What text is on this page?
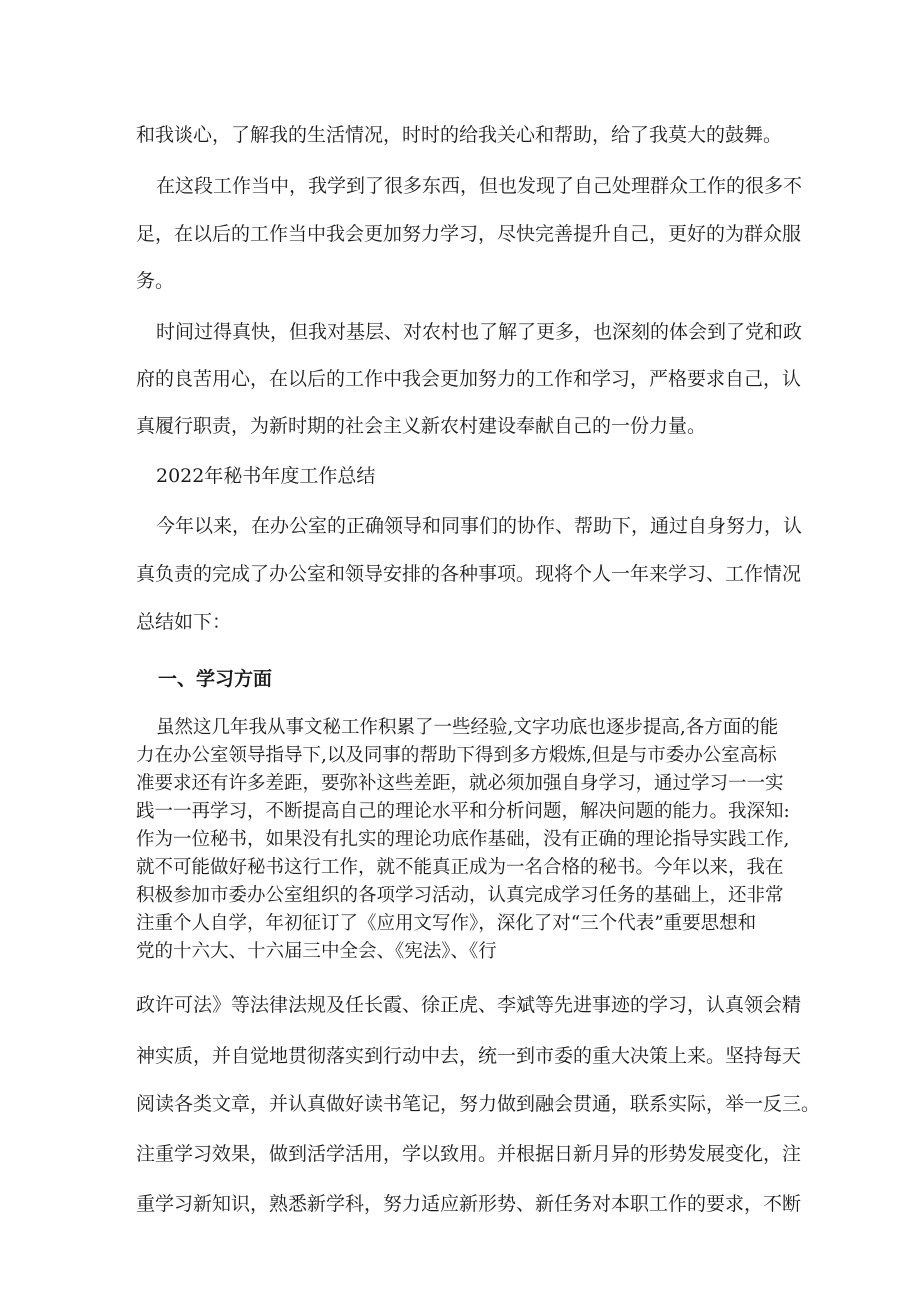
和我谈心，了解我的生活情况，时时的给我关心和帮助，给了我莫大的鼓舞。

在这段工作当中，我学到了很多东西，但也发现了自己处理群众工作的很多不

足，在以后的工作当中我会更加努力学习，尽快完善提升自己，更好的为群众服

务。

时间过得真快，但我对基层、对农村也了解了更多，也深刻的体会到了党和政

府的良苦用心，在以后的工作中我会更加努力的工作和学习，严格要求自己，认

真履行职责，为新时期的社会主义新农村建设奉献自己的一份力量。

2022年秘书年度工作总结

今年以来，在办公室的正确领导和同事们的协作、帮助下，通过自身努力，认

真负责的完成了办公室和领导安排的各种事项。现将个人一年来学习、工作情况

总结如下：

一、学习方面

虽然这几年我从事文秘工作积累了一些经验,文字功底也逐步提高,各方面的能

力在办公室领导指导下,以及同事的帮助下得到多方煅炼,但是与市委办公室高标

准要求还有许多差距，要弥补这些差距，就必须加强自身学习，通过学习一一实

践一一再学习，不断提高自己的理论水平和分析问题，解决问题的能力。我深知:

作为一位秘书，如果没有扎实的理论功底作基础，没有正确的理论指导实践工作,

就不可能做好秘书这行工作，就不能真正成为一名合格的秘书。今年以来，我在

积极参加市委办公室组织的各项学习活动，认真完成学习任务的基础上，还非常

注重个人自学，年初征订了《应用文写作》，深化了对“三个代表”重要思想和

党的十六大、十六届三中全会、《宪法》、《行

政许可法》等法律法规及任长霞、徐正虎、李斌等先进事迹的学习，认真领会精

神实质，并自觉地贯彻落实到行动中去，统一到市委的重大决策上来。坚持每天

阅读各类文章，并认真做好读书笔记，努力做到融会贯通，联系实际，举一反三。

注重学习效果，做到活学活用，学以致用。并根据日新月异的形势发展变化，注

重学习新知识，熟悉新学科，努力适应新形势、新任务对本职工作的要求，不断
